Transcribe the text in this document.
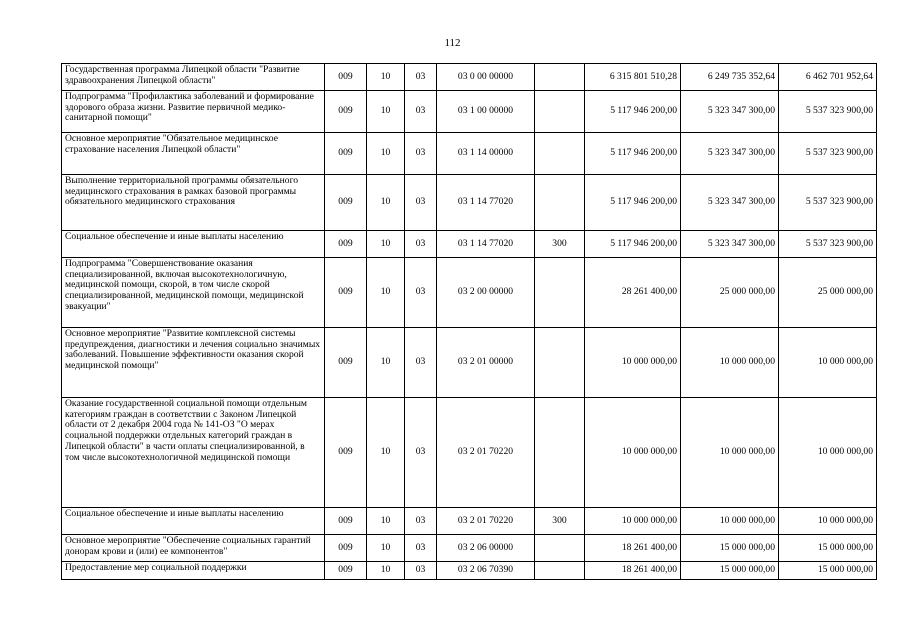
112
Государственная программа Липецкой области "Развитие здравоохранения Липецкой области"	009	10	03	03 0 00 00000		6 315 801 510,28	6 249 735 352,64	6 462 701 952,64
Подпрограмма "Профилактика заболеваний и формирование здорового образа жизни. Развитие первичной медико-санитарной помощи"	009	10	03	03 1 00 00000		5 117 946 200,00	5 323 347 300,00	5 537 323 900,00
Основное мероприятие "Обязательное медицинское страхование населения Липецкой области"	009	10	03	03 1 14 00000		5 117 946 200,00	5 323 347 300,00	5 537 323 900,00
Выполнение территориальной программы обязательного медицинского страхования в рамках базовой программы обязательного медицинского страхования	009	10	03	03 1 14 77020		5 117 946 200,00	5 323 347 300,00	5 537 323 900,00
Социальное обеспечение и иные выплаты населению	009	10	03	03 1 14 77020	300	5 117 946 200,00	5 323 347 300,00	5 537 323 900,00
Подпрограмма "Совершенствование оказания специализированной, включая высокотехнологичную, медицинской помощи, скорой, в том числе скорой специализированной, медицинской помощи, медицинской эвакуации"	009	10	03	03 2 00 00000		28 261 400,00	25 000 000,00	25 000 000,00
Основное мероприятие "Развитие комплексной системы предупреждения, диагностики и лечения социально значимых заболеваний. Повышение эффективности оказания скорой медицинской помощи"	009	10	03	03 2 01 00000		10 000 000,00	10 000 000,00	10 000 000,00
Оказание государственной социальной помощи отдельным категориям граждан в соответствии с Законом Липецкой области от 2 декабря 2004 года № 141-ОЗ "О мерах социальной поддержки отдельных категорий граждан в Липецкой области" в части оплаты специализированной, в том числе высокотехнологичной медицинской помощи	009	10	03	03 2 01 70220		10 000 000,00	10 000 000,00	10 000 000,00
Социальное обеспечение и иные выплаты населению	009	10	03	03 2 01 70220	300	10 000 000,00	10 000 000,00	10 000 000,00
Основное мероприятие "Обеспечение социальных гарантий донорам крови и (или) ее компонентов"	009	10	03	03 2 06 00000		18 261 400,00	15 000 000,00	15 000 000,00
Предоставление мер социальной поддержки	009	10	03	03 2 06 70390		18 261 400,00	15 000 000,00	15 000 000,00
